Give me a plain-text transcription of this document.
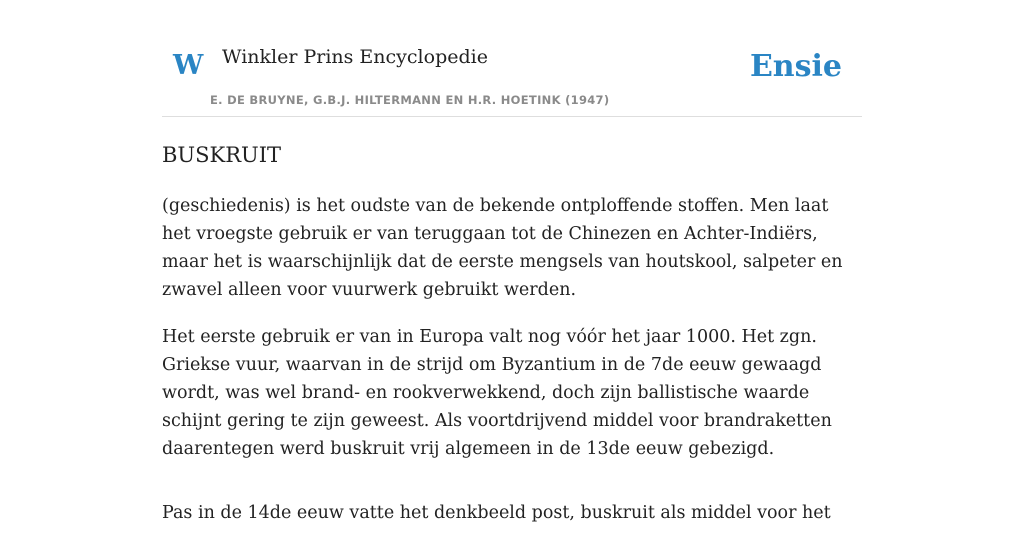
W Winkler Prins Encyclopedie
E. DE BRUYNE, G.B.J. HILTERMANN EN H.R. HOETINK (1947)
Ensie
BUSKRUIT

(geschiedenis) is het oudste van de bekende ontploffende stoffen. Men laat het vroegste gebruik er van teruggaan tot de Chinezen en Achter-Indiërs, maar het is waarschijnlijk dat de eerste mengsels van houtskool, salpeter en zwavel alleen voor vuurwerk gebruikt werden.

Het eerste gebruik er van in Europa valt nog vóór het jaar 1000. Het zgn. Griekse vuur, waarvan in de strijd om Byzantium in de 7de eeuw gewaagd wordt, was wel brand- en rookverwekkend, doch zijn ballistische waarde schijnt gering te zijn geweest. Als voortdrijvend middel voor brandraketten daarentegen werd buskruit vrij algemeen in de 13de eeuw gebezigd.

Pas in de 14de eeuw vatte het denkbeeld post, buskruit als middel voor het
